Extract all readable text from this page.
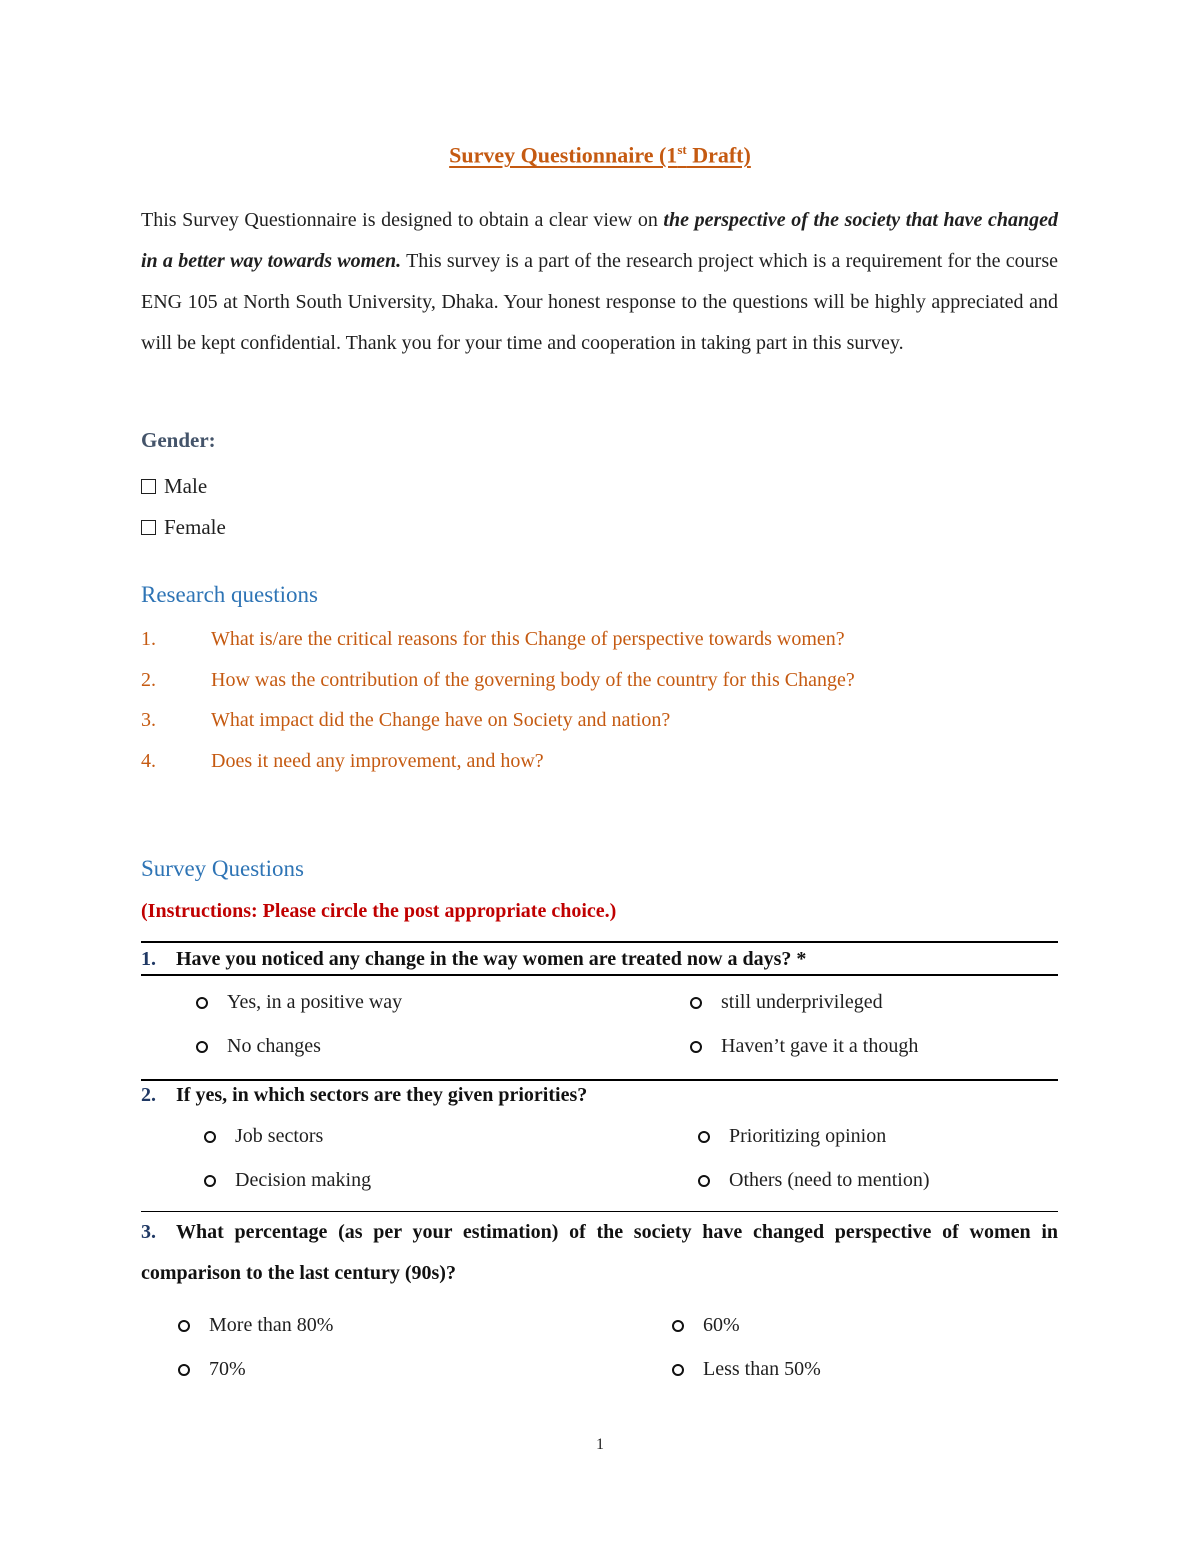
Survey Questionnaire (1st Draft)
This Survey Questionnaire is designed to obtain a clear view on the perspective of the society that have changed in a better way towards women. This survey is a part of the research project which is a requirement for the course ENG 105 at North South University, Dhaka. Your honest response to the questions will be highly appreciated and will be kept confidential. Thank you for your time and cooperation in taking part in this survey.
Gender:
Male
Female
Research questions
1.	What is/are the critical reasons for this Change of perspective towards women?
2.	How was the contribution of the governing body of the country for this Change?
3.	What impact did the Change have on Society and nation?
4.	Does it need any improvement, and how?
Survey Questions
(Instructions: Please circle the post appropriate choice.)
1. Have you noticed any change in the way women are treated now a days? *
Yes, in a positive way	still underprivileged
No changes	Haven’t gave it a though
2. If yes, in which sectors are they given priorities?
Job sectors	Prioritizing opinion
Decision making	Others (need to mention)
3. What percentage (as per your estimation) of the society have changed perspective of women in comparison to the last century (90s)?
More than 80%	60%
70%	Less than 50%
1
